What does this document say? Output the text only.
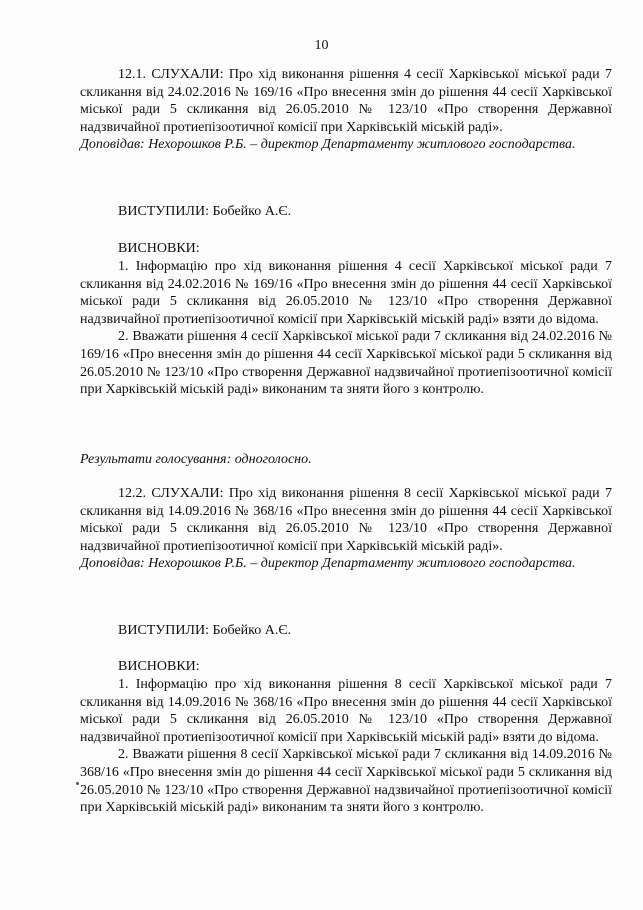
10

12.1. СЛУХАЛИ: Про хід виконання рішення 4 сесії Харківської міської ради 7 скликання від 24.02.2016 № 169/16 «Про внесення змін до рішення 44 сесії Харківської міської ради 5 скликання від 26.05.2010 № 123/10 «Про створення Державної надзвичайної протиепізоотичної комісії при Харківській міській раді».

Доповідав: Нехорошков Р.Б. – директор Департаменту житлового господарства.

ВИСТУПИЛИ: Бобейко А.Є.
ВИСНОВКИ:

1. Інформацію про хід виконання рішення 4 сесії Харківської міської ради 7 скликання від 24.02.2016 № 169/16 «Про внесення змін до рішення 44 сесії Харківської міської ради 5 скликання від 26.05.2010 № 123/10 «Про створення Державної надзвичайної протиепізоотичної комісії при Харківській міській раді» взяти до відома.

2. Вважати рішення 4 сесії Харківської міської ради 7 скликання від 24.02.2016 № 169/16 «Про внесення змін до рішення 44 сесії Харківської міської ради 5 скликання від 26.05.2010 № 123/10 «Про створення Державної надзвичайної протиепізоотичної комісії при Харківській міській раді» виконаним та зняти його з контролю.

Результати голосування: одноголосно.

12.2. СЛУХАЛИ: Про хід виконання рішення 8 сесії Харківської міської ради 7 скликання від 14.09.2016 № 368/16 «Про внесення змін до рішення 44 сесії Харківської міської ради 5 скликання від 26.05.2010 № 123/10 «Про створення Державної надзвичайної протиепізоотичної комісії при Харківській міській раді».

Доповідав: Нехорошков Р.Б. – директор Департаменту житлового господарства.

ВИСТУПИЛИ: Бобейко А.Є.
ВИСНОВКИ:

1. Інформацію про хід виконання рішення 8 сесії Харківської міської ради 7 скликання від 14.09.2016 № 368/16 «Про внесення змін до рішення 44 сесії Харківської міської ради 5 скликання від 26.05.2010 № 123/10 «Про створення Державної надзвичайної протиепізоотичної комісії при Харківській міській раді» взяти до відома.

2. Вважати рішення 8 сесії Харківської міської ради 7 скликання від 14.09.2016 № 368/16 «Про внесення змін до рішення 44 сесії Харківської міської ради 5 скликання від 26.05.2010 № 123/10 «Про створення Державної надзвичайної протиепізоотичної комісії при Харківській міській раді» виконаним та зняти його з контролю.
